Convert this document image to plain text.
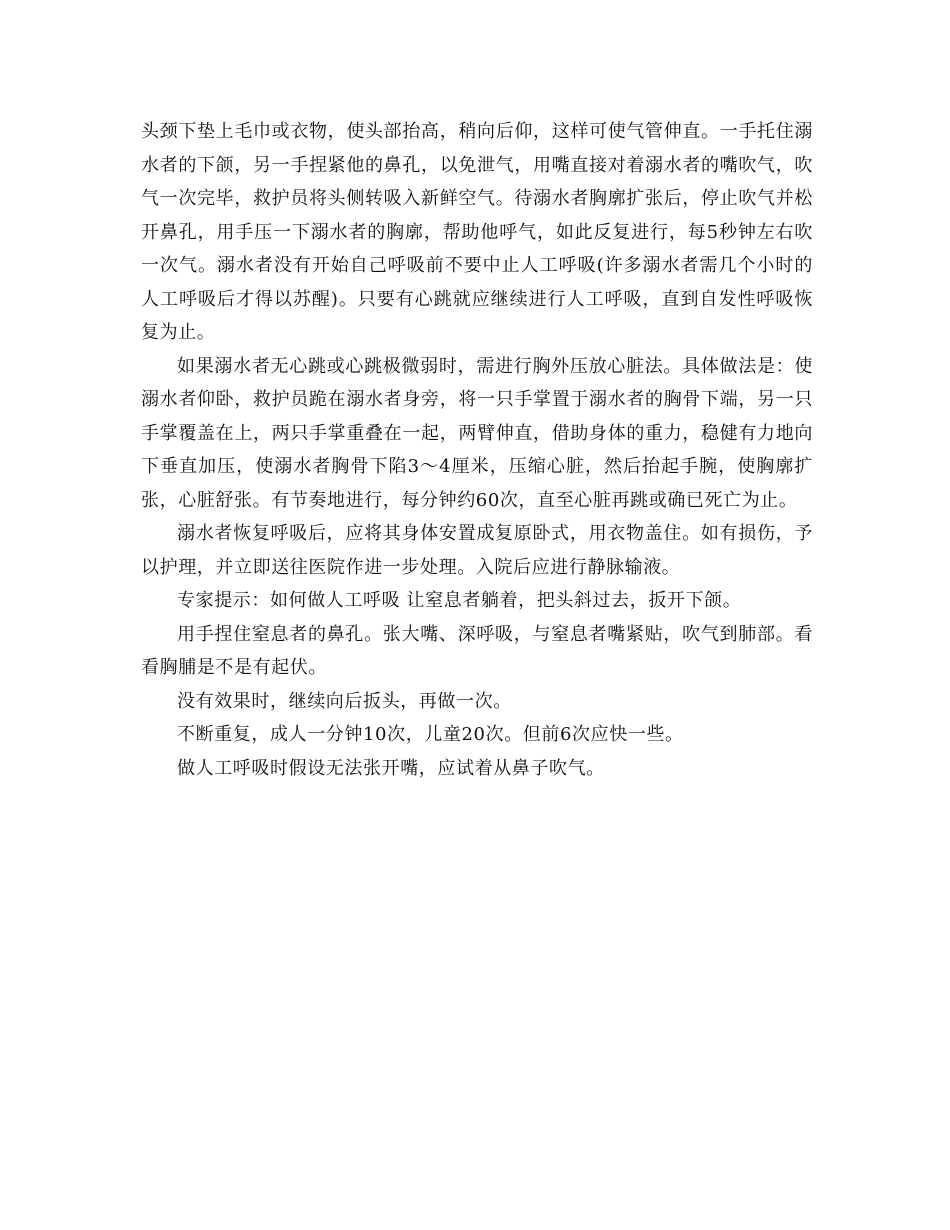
头颈下垫上毛巾或衣物，使头部抬高，稍向后仰，这样可使气管伸直。一手托住溺水者的下颌，另一手捏紧他的鼻孔，以免泄气，用嘴直接对着溺水者的嘴吹气，吹气一次完毕，救护员将头侧转吸入新鲜空气。待溺水者胸廓扩张后，停止吹气并松开鼻孔，用手压一下溺水者的胸廓，帮助他呼气，如此反复进行，每5秒钟左右吹一次气。溺水者没有开始自己呼吸前不要中止人工呼吸(许多溺水者需几个小时的人工呼吸后才得以苏醒)。只要有心跳就应继续进行人工呼吸，直到自发性呼吸恢复为止。

如果溺水者无心跳或心跳极微弱时，需进行胸外压放心脏法。具体做法是：使溺水者仰卧，救护员跪在溺水者身旁，将一只手掌置于溺水者的胸骨下端，另一只手掌覆盖在上，两只手掌重叠在一起，两臂伸直，借助身体的重力，稳健有力地向下垂直加压，使溺水者胸骨下陷3～4厘米，压缩心脏，然后抬起手腕，使胸廓扩张，心脏舒张。有节奏地进行，每分钟约60次，直至心脏再跳或确已死亡为止。

溺水者恢复呼吸后，应将其身体安置成复原卧式，用衣物盖住。如有损伤，予以护理，并立即送往医院作进一步处理。入院后应进行静脉输液。

专家提示：如何做人工呼吸 让窒息者躺着，把头斜过去，扳开下颌。

用手捏住窒息者的鼻孔。张大嘴、深呼吸，与窒息者嘴紧贴，吹气到肺部。看看胸脯是不是有起伏。

没有效果时，继续向后扳头，再做一次。

不断重复，成人一分钟10次，儿童20次。但前6次应快一些。

做人工呼吸时假设无法张开嘴，应试着从鼻子吹气。
